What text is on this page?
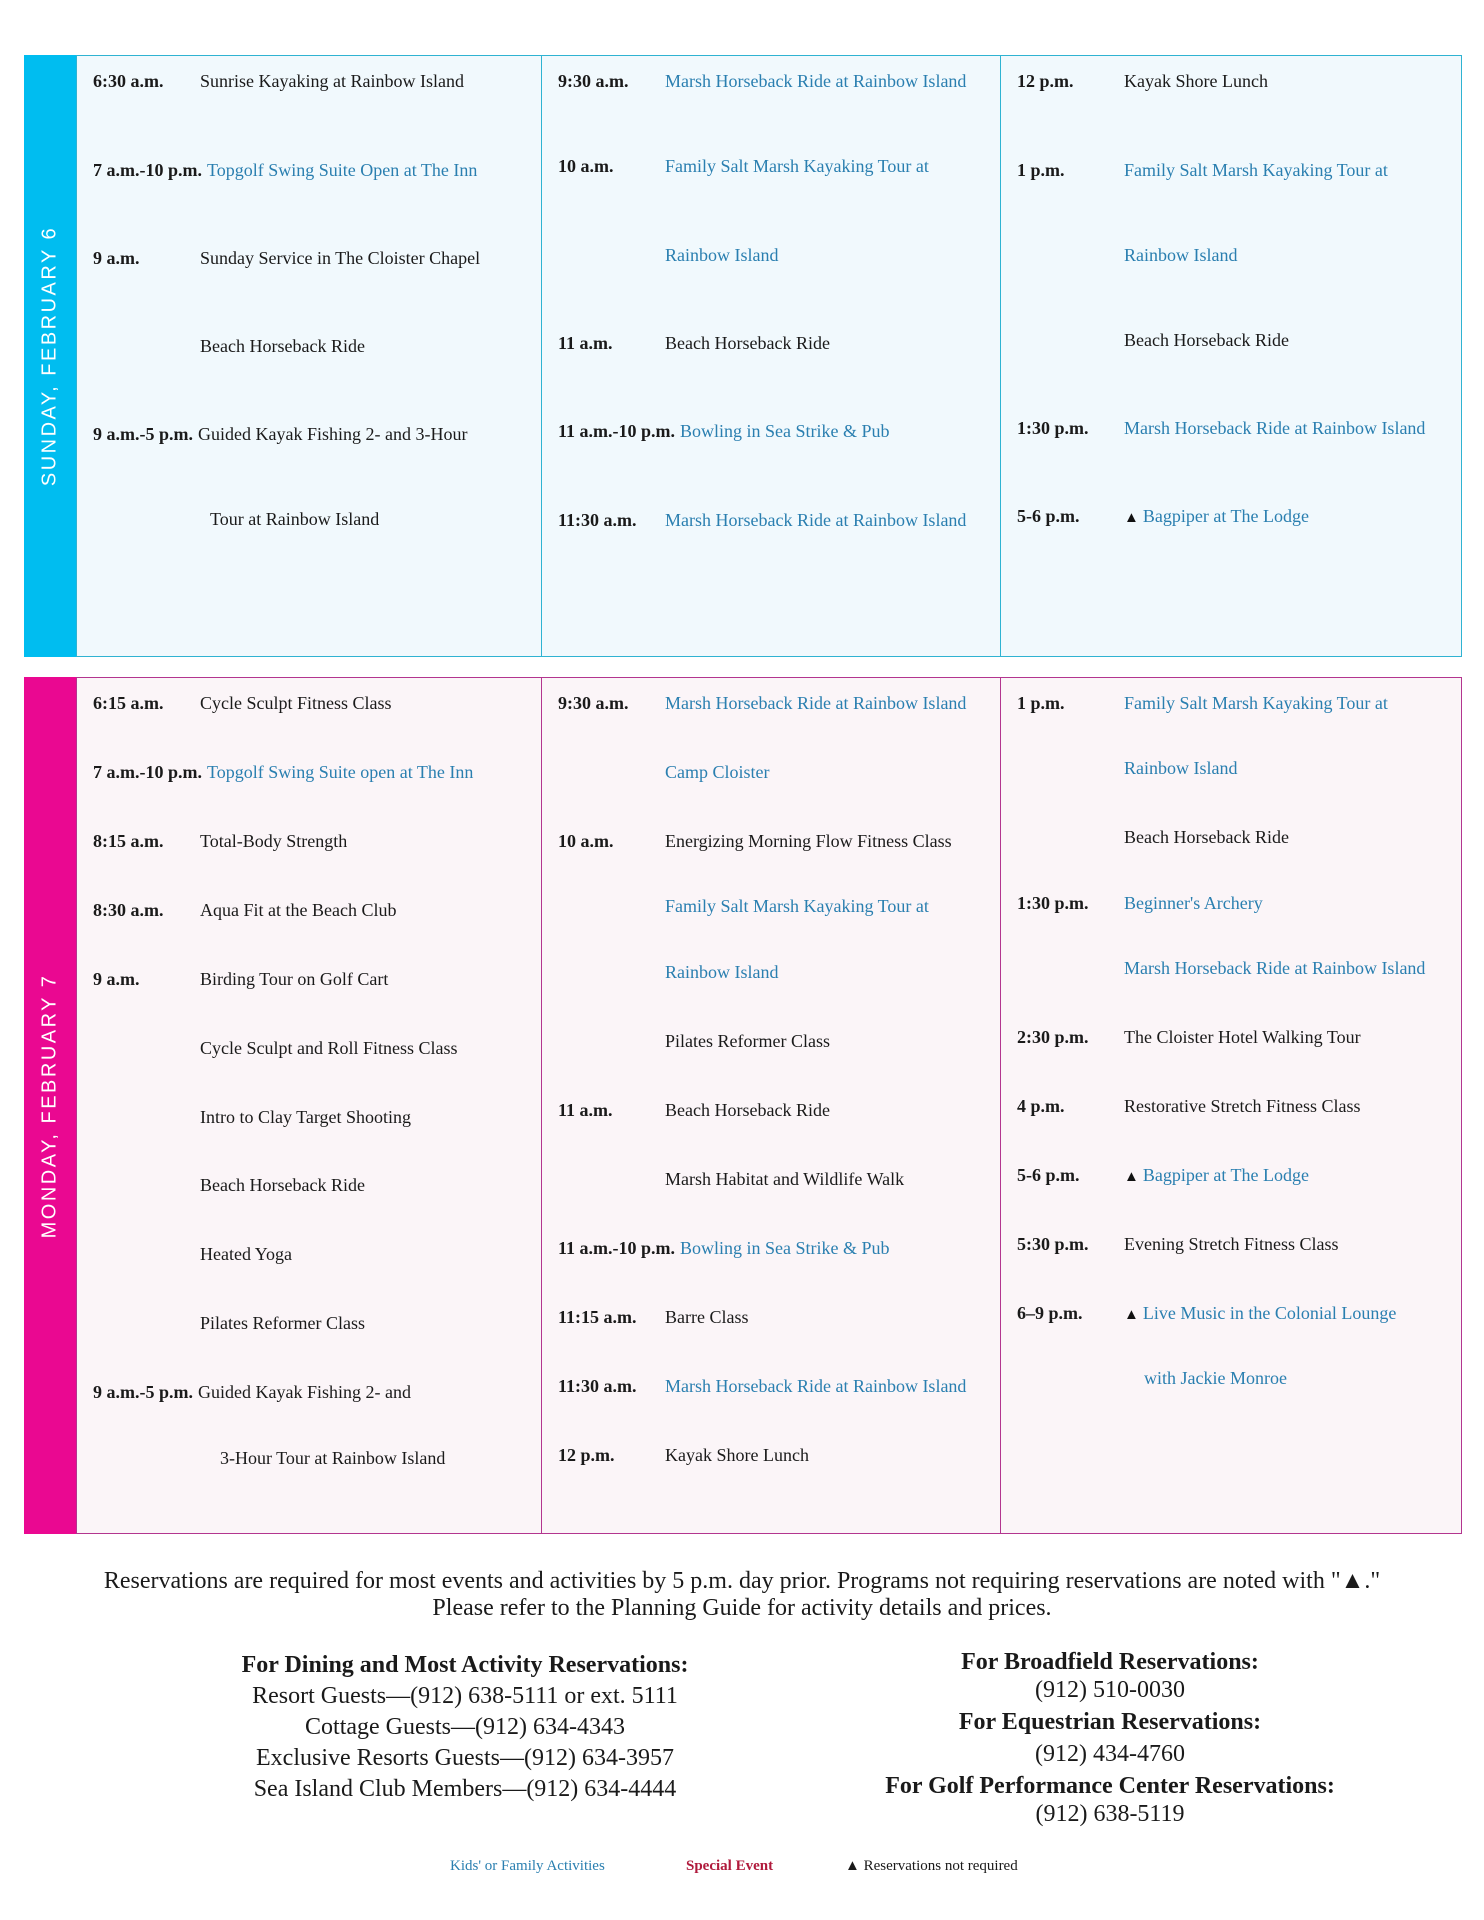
SUNDAY, FEBRUARY 6
6:30 a.m. Sunrise Kayaking at Rainbow Island
7 a.m.-10 p.m. Topgolf Swing Suite Open at The Inn
9 a.m.	Sunday Service in The Cloister Chapel
Beach Horseback Ride
9 a.m.-5 p.m. Guided Kayak Fishing 2- and 3-Hour
Tour at Rainbow Island
9:30 a.m. Marsh Horseback Ride at Rainbow Island
10 a.m.	Family Salt Marsh Kayaking Tour at
Rainbow Island
11 a.m.	Beach Horseback Ride
11 a.m.-10 p.m. Bowling in Sea Strike & Pub
11:30 a.m. Marsh Horseback Ride at Rainbow Island
12 p.m.	Kayak Shore Lunch
1 p.m.	Family Salt Marsh Kayaking Tour at
Rainbow Island
Beach Horseback Ride
1:30 p.m. Marsh Horseback Ride at Rainbow Island
5-6 p.m.	▲ Bagpiper at The Lodge
MONDAY, FEBRUARY 7
6:15 a.m. Cycle Sculpt Fitness Class
7 a.m.-10 p.m. Topgolf Swing Suite open at The Inn
8:15 a.m. Total-Body Strength
8:30 a.m. Aqua Fit at the Beach Club
9 a.m.	Birding Tour on Golf Cart
Cycle Sculpt and Roll Fitness Class
Intro to Clay Target Shooting
Beach Horseback Ride
Heated Yoga
Pilates Reformer Class
9 a.m.-5 p.m. Guided Kayak Fishing 2- and
3-Hour Tour at Rainbow Island
9:30 a.m. Marsh Horseback Ride at Rainbow Island
Camp Cloister
10 a.m.	Energizing Morning Flow Fitness Class
Family Salt Marsh Kayaking Tour at
Rainbow Island
Pilates Reformer Class
11 a.m.	Beach Horseback Ride
Marsh Habitat and Wildlife Walk
11 a.m.-10 p.m. Bowling in Sea Strike & Pub
11:15 a.m. Barre Class
11:30 a.m. Marsh Horseback Ride at Rainbow Island
12 p.m.	Kayak Shore Lunch
1 p.m.	Family Salt Marsh Kayaking Tour at
Rainbow Island
Beach Horseback Ride
1:30 p.m. Beginner's Archery
Marsh Horseback Ride at Rainbow Island
2:30 p.m. The Cloister Hotel Walking Tour
4 p.m.	Restorative Stretch Fitness Class
5-6 p.m.	▲ Bagpiper at The Lodge
5:30 p.m. Evening Stretch Fitness Class
6–9 p.m.	▲ Live Music in the Colonial Lounge
with Jackie Monroe
Reservations are required for most events and activities by 5 p.m. day prior. Programs not requiring reservations are noted with "▲."
Please refer to the Planning Guide for activity details and prices.
For Dining and Most Activity Reservations:
Resort Guests—(912) 638-5111 or ext. 5111
Cottage Guests—(912) 634-4343
Exclusive Resorts Guests—(912) 634-3957
Sea Island Club Members—(912) 634-4444
For Broadfield Reservations:
(912) 510-0030
For Equestrian Reservations:
(912) 434-4760
For Golf Performance Center Reservations:
(912) 638-5119
Kids' or Family Activities	Special Event	▲ Reservations not required
